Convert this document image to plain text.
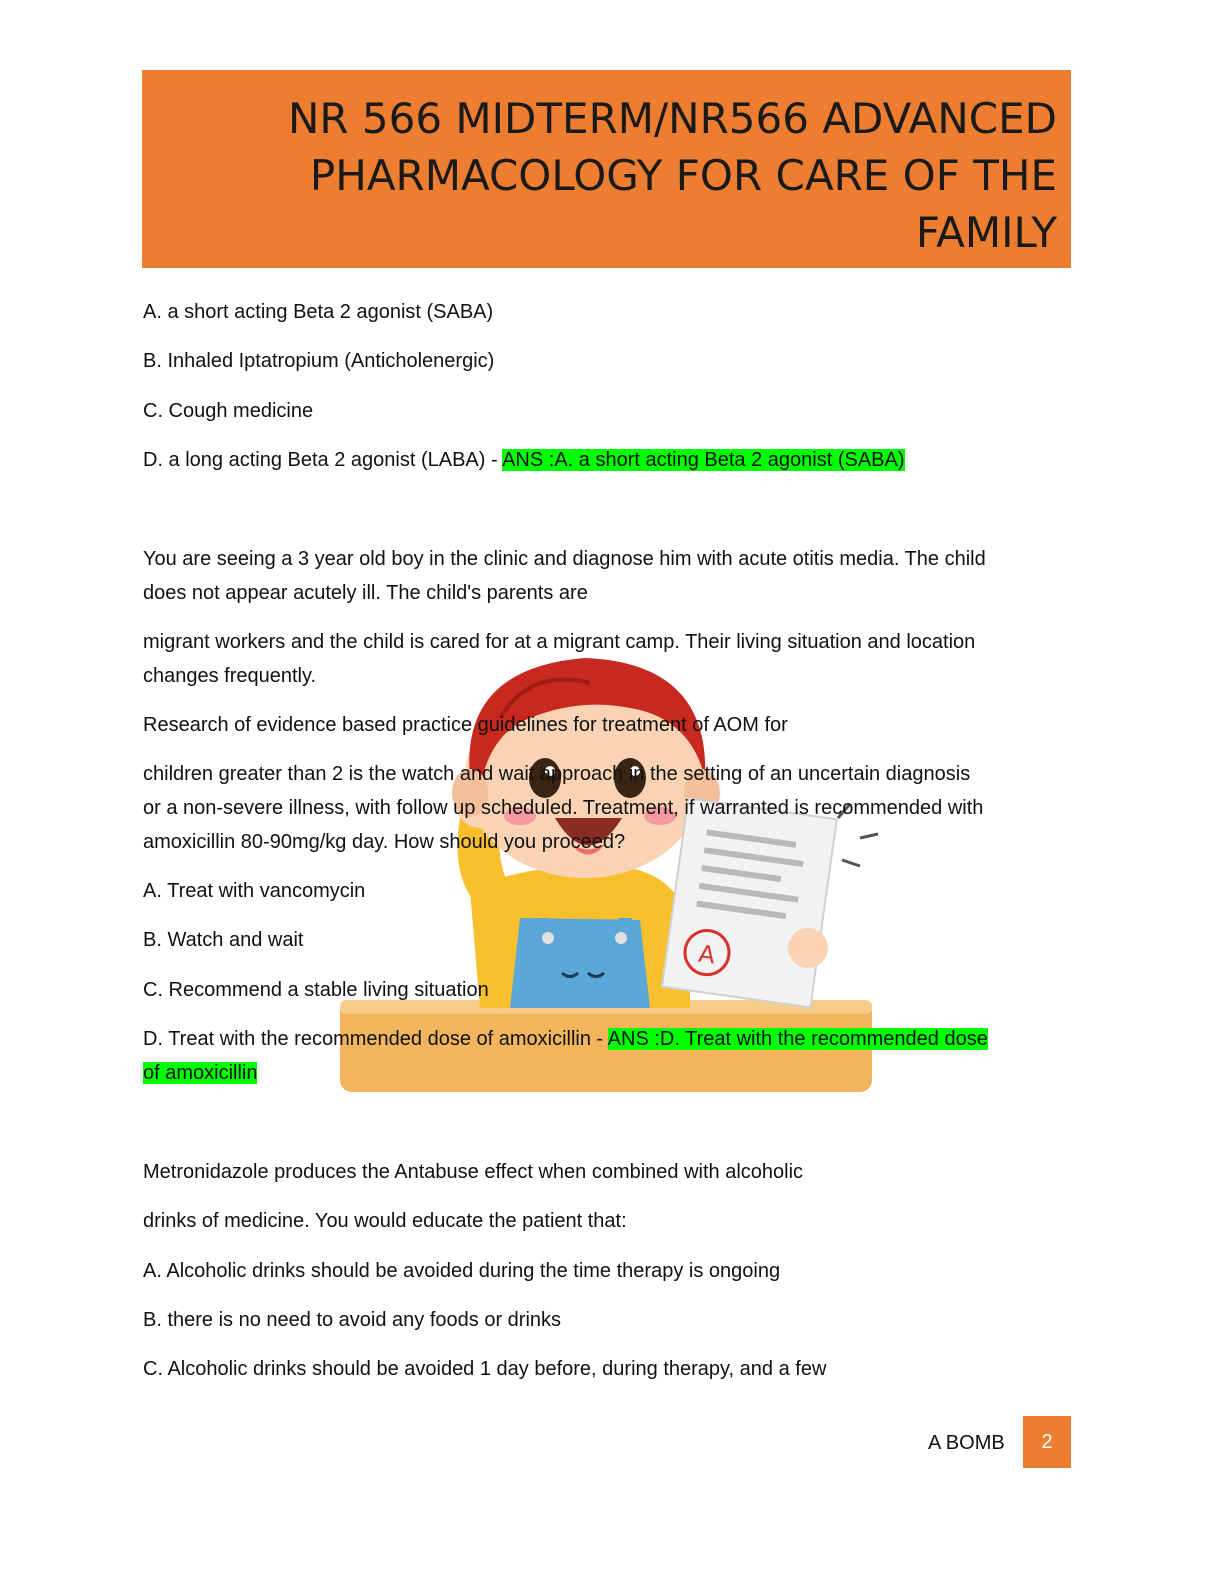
NR 566 MIDTERM/NR566 ADVANCED
PHARMACOLOGY FOR CARE OF THE
FAMILY
A
A. a short acting Beta 2 agonist (SABA)
B. Inhaled Iptatropium (Anticholenergic)
C. Cough medicine
D. a long acting Beta 2 agonist (LABA) - ANS :A. a short acting Beta 2 agonist (SABA)
You are seeing a 3 year old boy in the clinic and diagnose him with acute otitis media. The child
does not appear acutely ill. The child's parents are
migrant workers and the child is cared for at a migrant camp. Their living situation and location
changes frequently.
Research of evidence based practice guidelines for treatment of AOM for
children greater than 2 is the watch and wait approach in the setting of an uncertain diagnosis
or a non-severe illness, with follow up scheduled. Treatment, if warranted is recommended with
amoxicillin 80-90mg/kg day. How should you proceed?
A. Treat with vancomycin
B. Watch and wait
C. Recommend a stable living situation
D. Treat with the recommended dose of amoxicillin - ANS :D. Treat with the recommended dose
of amoxicillin
Metronidazole produces the Antabuse effect when combined with alcoholic
drinks of medicine. You would educate the patient that:
A. Alcoholic drinks should be avoided during the time therapy is ongoing
B. there is no need to avoid any foods or drinks
C. Alcoholic drinks should be avoided 1 day before, during therapy, and a few
A BOMB 2
